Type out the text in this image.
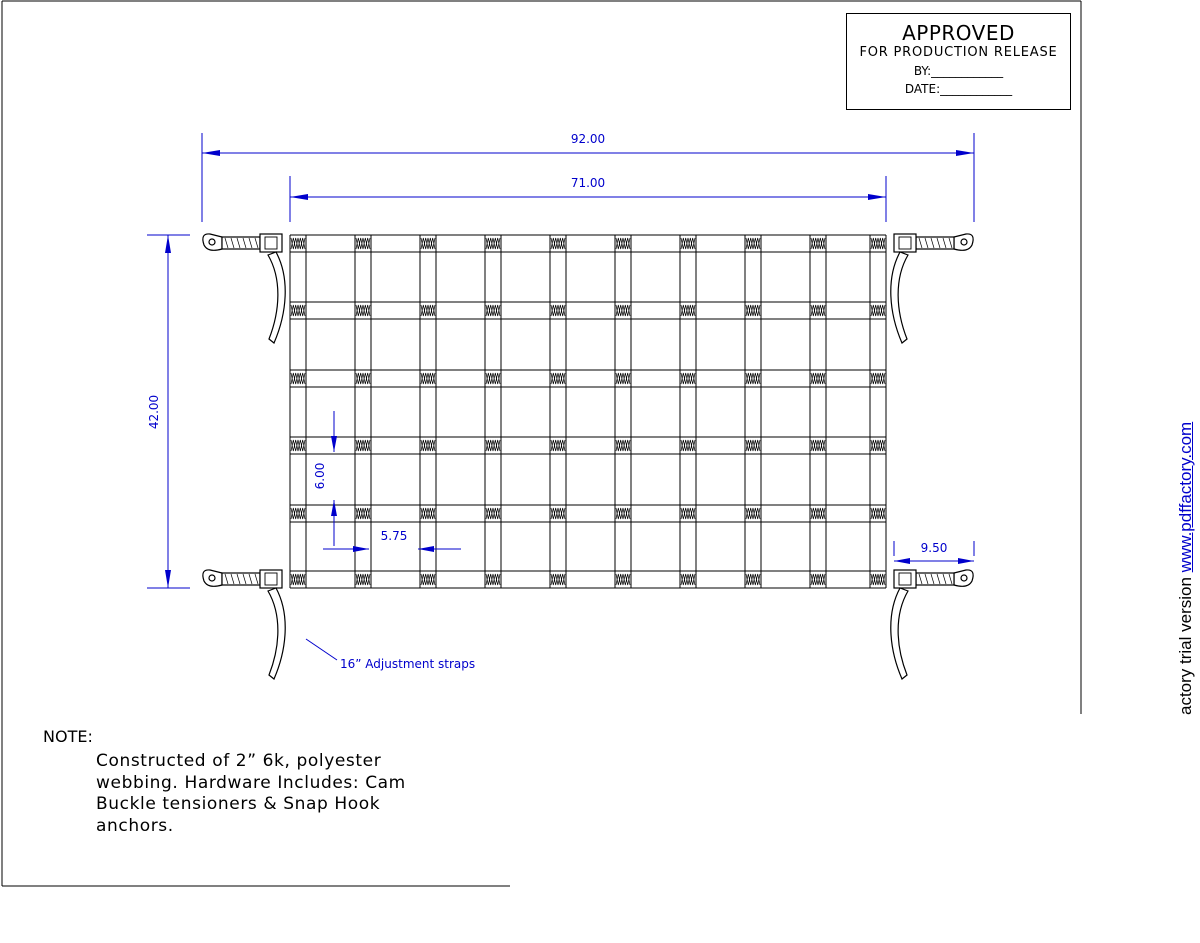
92.00
71.00
42.00
6.00
5.75
9.50
16” Adjustment straps
APPROVED
FOR PRODUCTION RELEASE
BY:____________
DATE:____________
NOTE:
Constructed of 2” 6k, polyester
webbing. Hardware Includes: Cam
Buckle tensioners & Snap Hook
anchors.
actory trial version www.pdffactory.com
